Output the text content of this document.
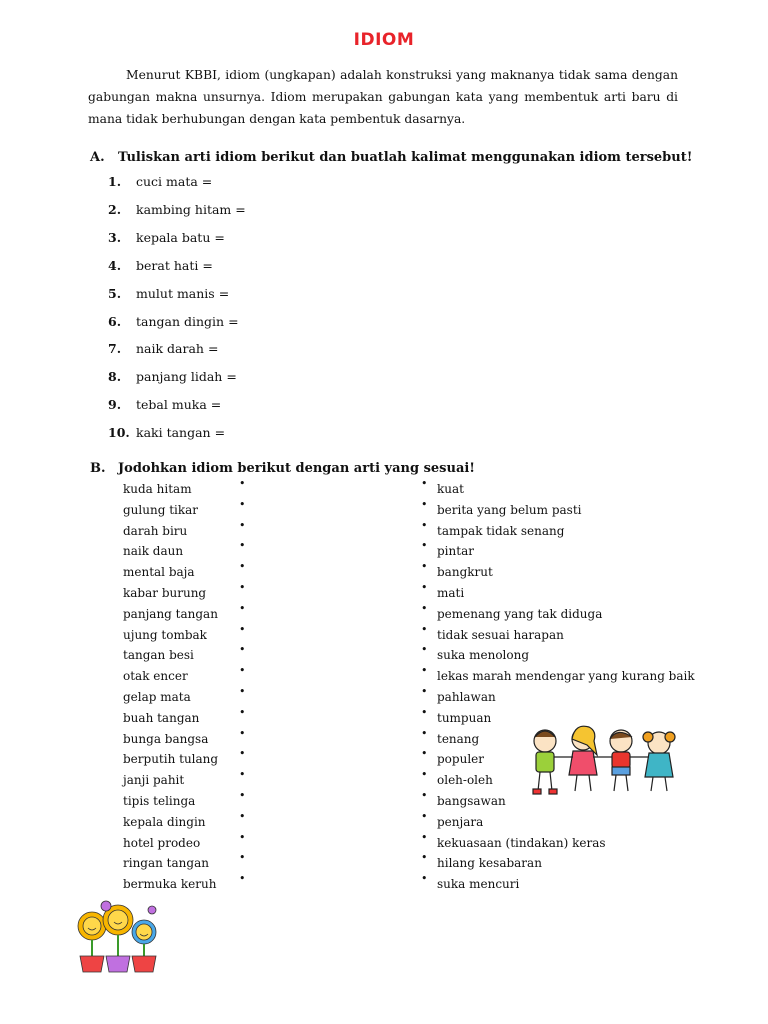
IDIOM

Menurut KBBI, idiom (ungkapan) adalah konstruksi yang maknanya tidak sama dengan gabungan makna unsurnya. Idiom merupakan gabungan kata yang membentuk arti baru di mana tidak berhubungan dengan kata pembentuk dasarnya.

A. Tuliskan arti idiom berikut dan buatlah kalimat menggunakan idiom tersebut!

1.	cuci mata =
2.	kambing hitam =
3.	kepala batu =
4.	berat hati =
5.	mulut manis =
6.	tangan dingin =
7.	naik darah =
8.	panjang lidah =
9.	tebal muka =
10. kaki tangan =

B. Jodohkan idiom berikut dengan arti yang sesuai!

kuda hitam	•	• kuat
gulung tikar	•	• berita yang belum pasti
darah biru	•	• tampak tidak senang
naik daun	•	• pintar
mental baja	•	• bangkrut
kabar burung	•	• mati
panjang tangan •	• pemenang yang tak diduga
ujung tombak	•	• tidak sesuai harapan
tangan besi	•	• suka menolong
otak encer	•	• lekas marah mendengar yang kurang baik
gelap mata	•	• pahlawan
buah tangan	•	• tumpuan
bunga bangsa	•	• tenang
berputih tulang •	• populer
janji pahit	•	• oleh-oleh
tipis telinga	•	• bangsawan
kepala dingin	•	• penjara
hotel prodeo	•	• kekuasaan (tindakan) keras
ringan tangan	•	• hilang kesabaran
bermuka keruh •	• suka mencuri
